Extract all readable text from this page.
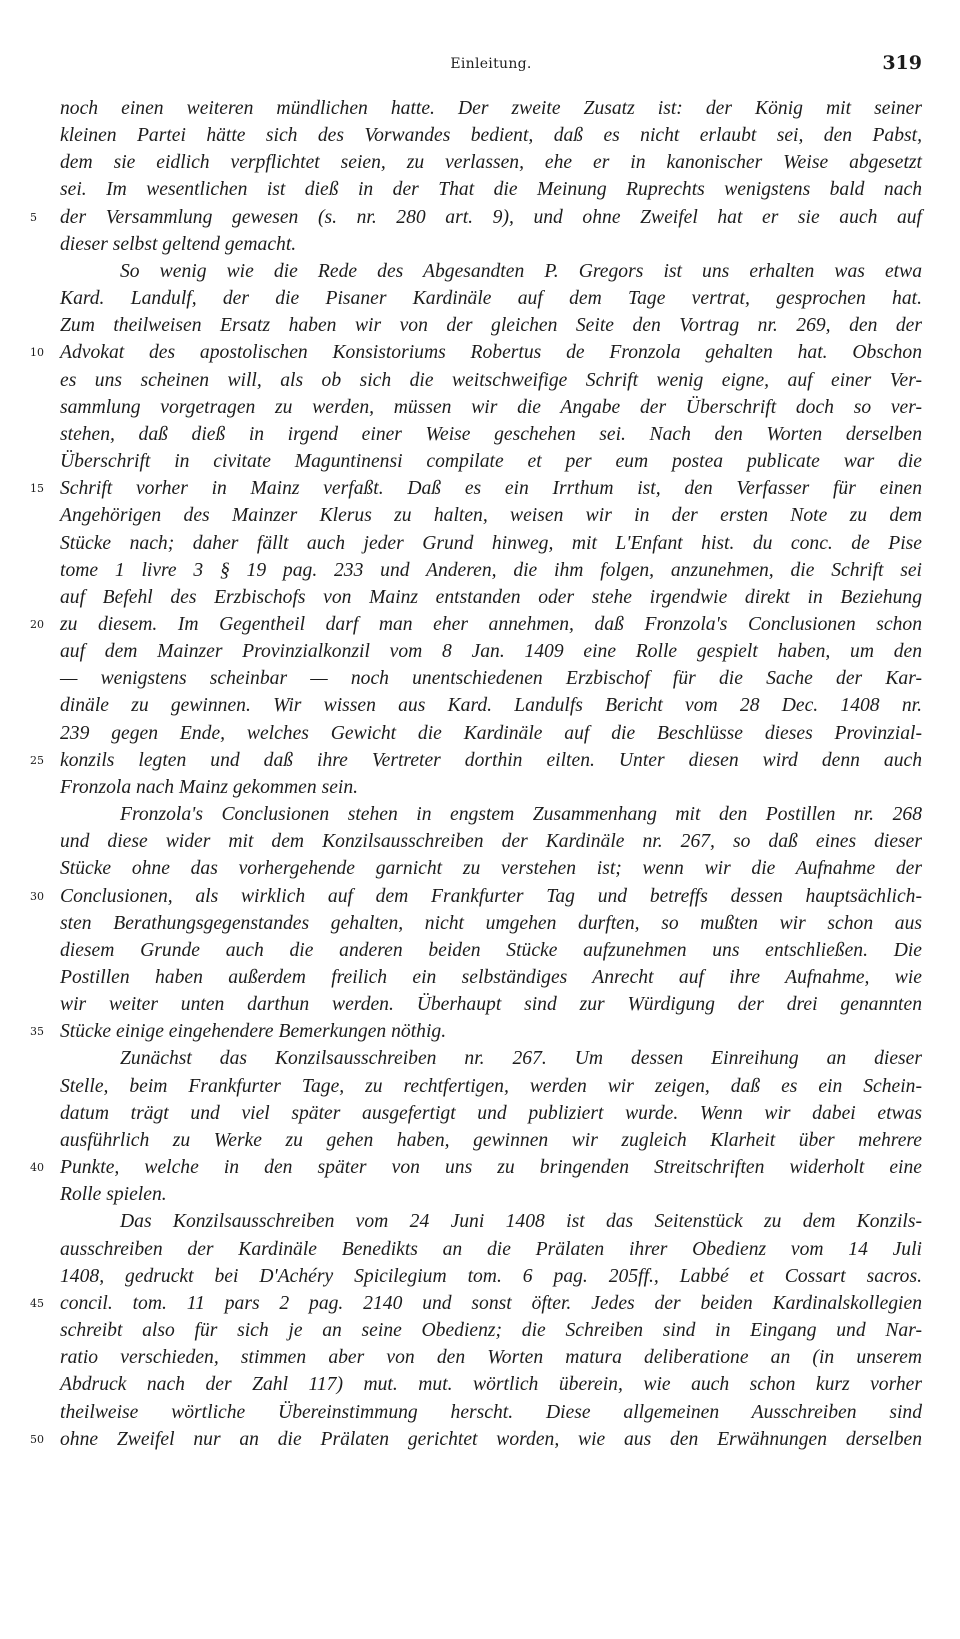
Einleitung.	319
noch einen weiteren mündlichen hatte. Der zweite Zusatz ist: der König mit seiner
kleinen Partei hätte sich des Vorwandes bedient, daß es nicht erlaubt sei, den Pabst,
dem sie eidlich verpflichtet seien, zu verlassen, ehe er in kanonischer Weise abgesetzt
sei. Im wesentlichen ist dieß in der That die Meinung Ruprechts wenigstens bald nach
5	der Versammlung gewesen (s. nr. 280 art. 9), und ohne Zweifel hat er sie auch auf
dieser selbst geltend gemacht.
So wenig wie die Rede des Abgesandten P. Gregors ist uns erhalten was etwa
Kard. Landulf, der die Pisaner Kardinäle auf dem Tage vertrat, gesprochen hat.
Zum theilweisen Ersatz haben wir von der gleichen Seite den Vortrag nr. 269, den der
10 Advokat des apostolischen Konsistoriums Robertus de Fronzola gehalten hat. Obschon
es uns scheinen will, als ob sich die weitschweifige Schrift wenig eigne, auf einer Ver-
sammlung vorgetragen zu werden, müssen wir die Angabe der Überschrift doch so ver-
stehen, daß dieß in irgend einer Weise geschehen sei. Nach den Worten derselben
Überschrift in civitate Maguntinensi compilate et per eum postea publicate war die
15 Schrift vorher in Mainz verfaßt. Daß es ein Irrthum ist, den Verfasser für einen
Angehörigen des Mainzer Klerus zu halten, weisen wir in der ersten Note zu dem
Stücke nach; daher fällt auch jeder Grund hinweg, mit L'Enfant hist. du conc. de Pise
tome 1 livre 3 § 19 pag. 233 und Anderen, die ihm folgen, anzunehmen, die Schrift sei
auf Befehl des Erzbischofs von Mainz entstanden oder stehe irgendwie direkt in Beziehung
20 zu diesem. Im Gegentheil darf man eher annehmen, daß Fronzola's Conclusionen schon
auf dem Mainzer Provinzialkonzil vom 8 Jan. 1409 eine Rolle gespielt haben, um den
— wenigstens scheinbar — noch unentschiedenen Erzbischof für die Sache der Kar-
dinäle zu gewinnen. Wir wissen aus Kard. Landulfs Bericht vom 28 Dec. 1408 nr.
239 gegen Ende, welches Gewicht die Kardinäle auf die Beschlüsse dieses Provinzial-
25 konzils legten und daß ihre Vertreter dorthin eilten. Unter diesen wird denn auch
Fronzola nach Mainz gekommen sein.
Fronzola's Conclusionen stehen in engstem Zusammenhang mit den Postillen nr. 268
und diese wider mit dem Konzilsausschreiben der Kardinäle nr. 267, so daß eines dieser
Stücke ohne das vorhergehende garnicht zu verstehen ist; wenn wir die Aufnahme der
30 Conclusionen, als wirklich auf dem Frankfurter Tag und betreffs dessen hauptsächlich-
sten Berathungsgegenstandes gehalten, nicht umgehen durften, so mußten wir schon aus
diesem Grunde auch die anderen beiden Stücke aufzunehmen uns entschließen. Die
Postillen haben außerdem freilich ein selbständiges Anrecht auf ihre Aufnahme, wie
wir weiter unten darthun werden. Überhaupt sind zur Würdigung der drei genannten
35 Stücke einige eingehendere Bemerkungen nöthig.
Zunächst das Konzilsausschreiben nr. 267. Um dessen Einreihung an dieser
Stelle, beim Frankfurter Tage, zu rechtfertigen, werden wir zeigen, daß es ein Schein-
datum trägt und viel später ausgefertigt und publiziert wurde. Wenn wir dabei etwas
ausführlich zu Werke zu gehen haben, gewinnen wir zugleich Klarheit über mehrere
40 Punkte, welche in den später von uns zu bringenden Streitschriften widerholt eine
Rolle spielen.
Das Konzilsausschreiben vom 24 Juni 1408 ist das Seitenstück zu dem Konzils-
ausschreiben der Kardinäle Benedikts an die Prälaten ihrer Obedienz vom 14 Juli
1408, gedruckt bei D'Achéry Spicilegium tom. 6 pag. 205ff., Labbé et Cossart sacros.
45 concil. tom. 11 pars 2 pag. 2140 und sonst öfter. Jedes der beiden Kardinalskollegien
schreibt also für sich je an seine Obedienz; die Schreiben sind in Eingang und Nar-
ratio verschieden, stimmen aber von den Worten matura deliberatione an (in unserem
Abdruck nach der Zahl 117) mut. mut. wörtlich überein, wie auch schon kurz vorher
theilweise wörtliche Übereinstimmung herscht. Diese allgemeinen Ausschreiben sind
50 ohne Zweifel nur an die Prälaten gerichtet worden, wie aus den Erwähnungen derselben
